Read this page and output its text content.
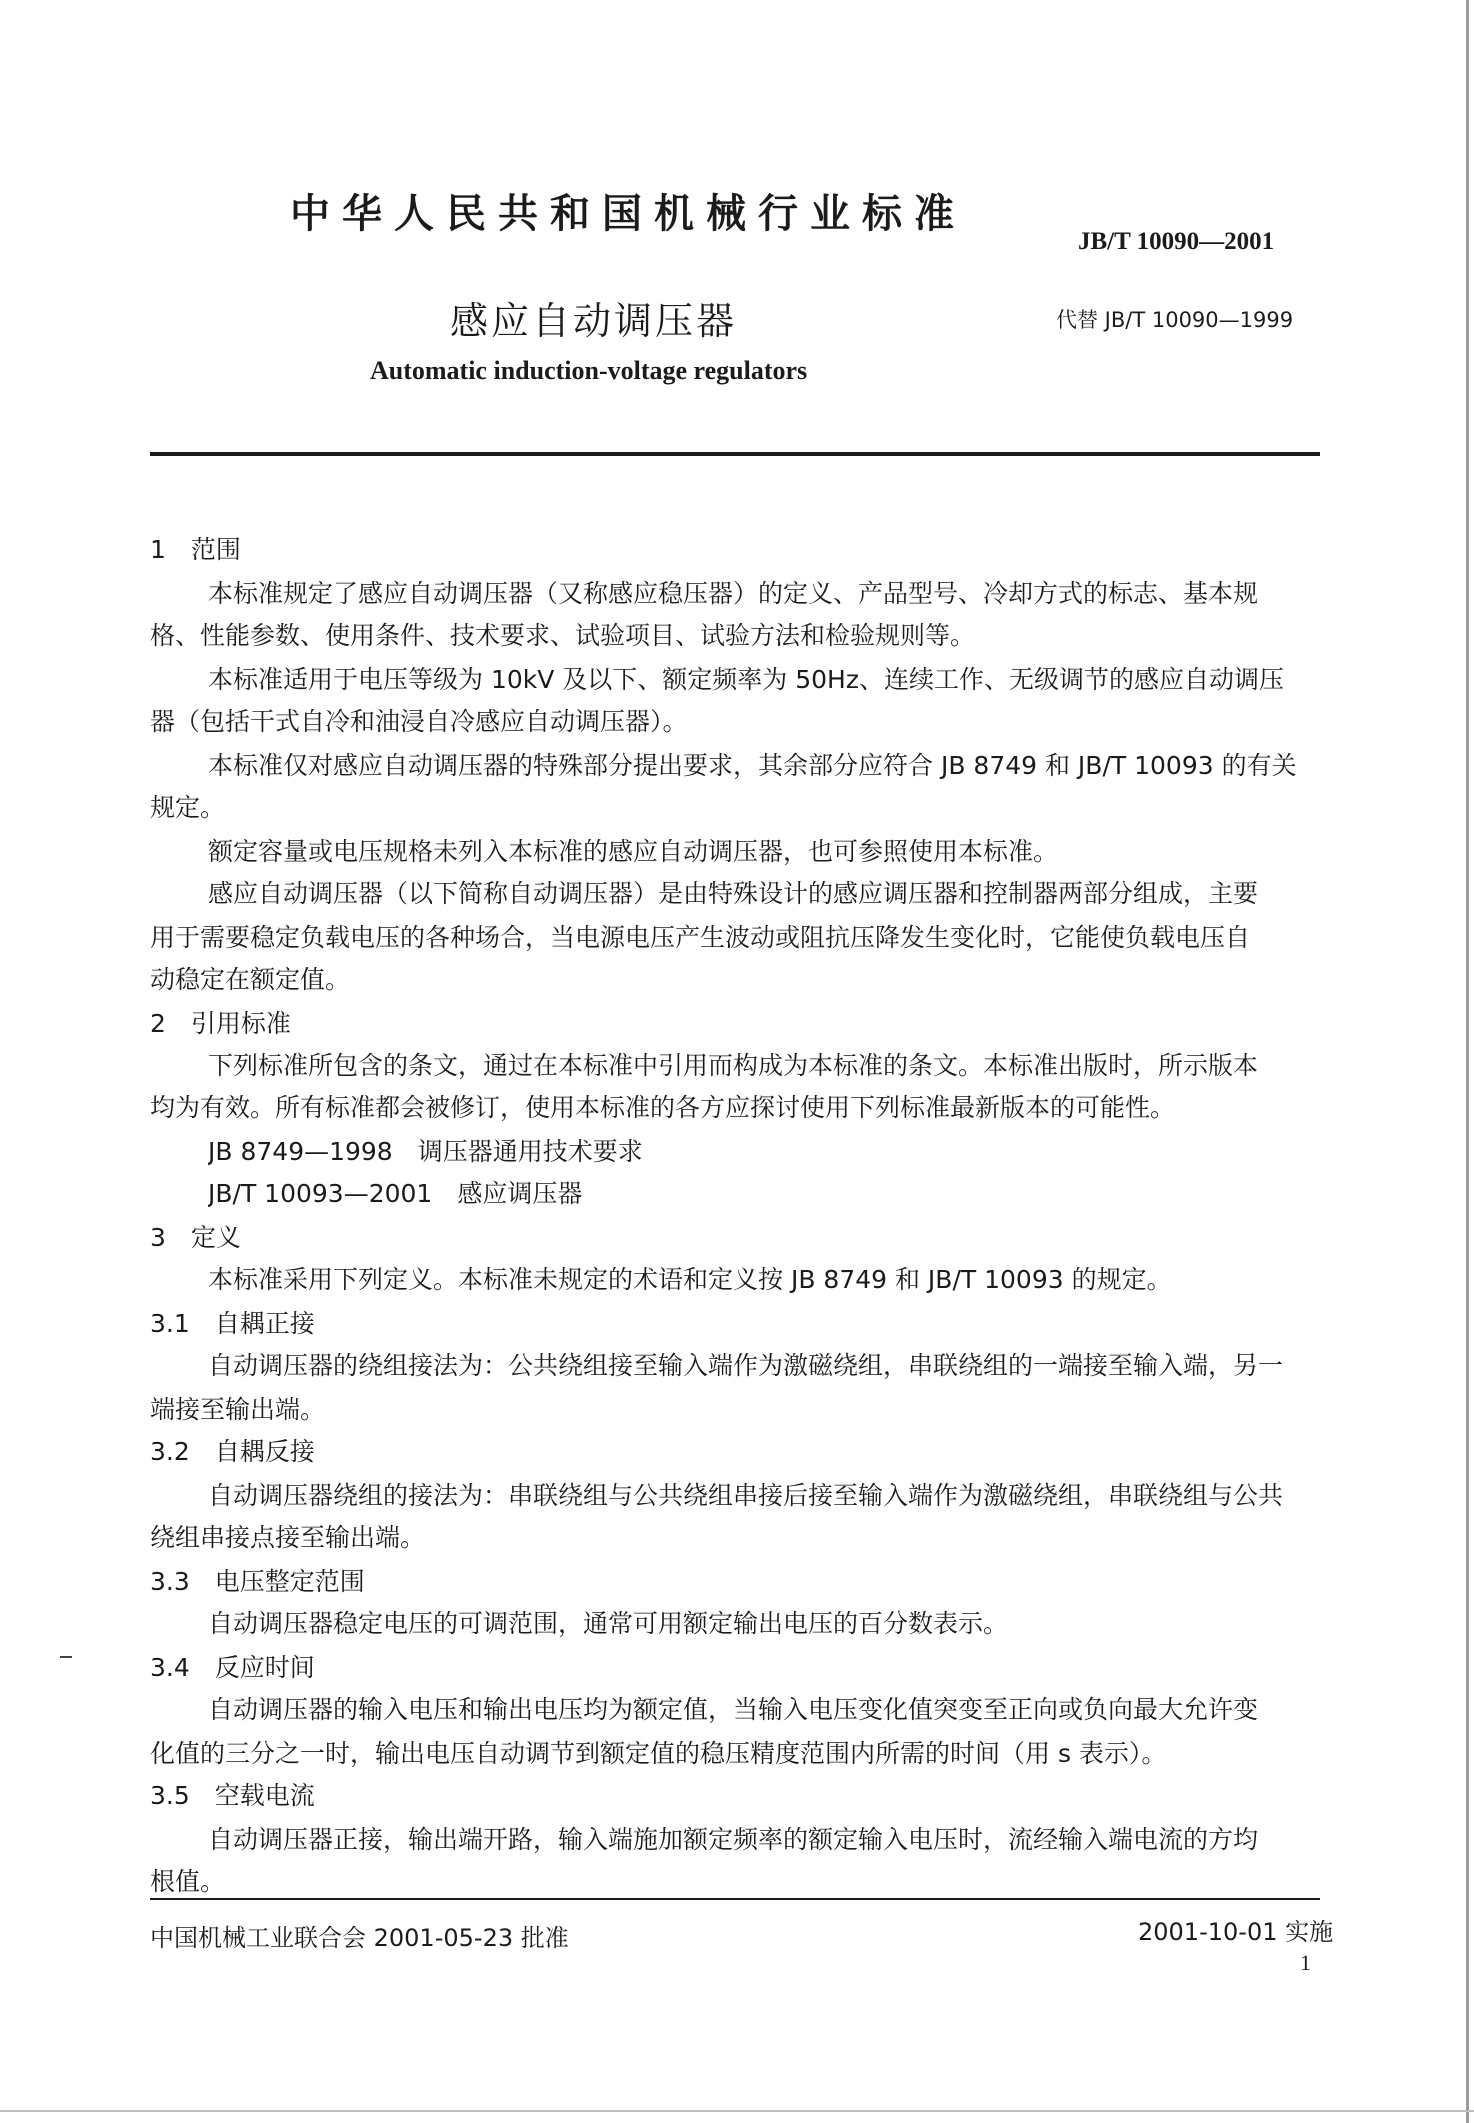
中华人民共和国机械行业标准
JB/T 10090—2001
感应自动调压器	代替 JB/T 10090—1999
Automatic induction-voltage regulators
1　范围
本标准规定了感应自动调压器（又称感应稳压器）的定义、产品型号、冷却方式的标志、基本规
格、性能参数、使用条件、技术要求、试验项目、试验方法和检验规则等。
本标准适用于电压等级为 10kV 及以下、额定频率为 50Hz、连续工作、无级调节的感应自动调压
器（包括干式自冷和油浸自冷感应自动调压器）。
本标准仅对感应自动调压器的特殊部分提出要求，其余部分应符合 JB 8749 和 JB/T 10093 的有关
规定。
额定容量或电压规格未列入本标准的感应自动调压器，也可参照使用本标准。
感应自动调压器（以下简称自动调压器）是由特殊设计的感应调压器和控制器两部分组成，主要
用于需要稳定负载电压的各种场合，当电源电压产生波动或阻抗压降发生变化时，它能使负载电压自
动稳定在额定值。
2　引用标准
下列标准所包含的条文，通过在本标准中引用而构成为本标准的条文。本标准出版时，所示版本
均为有效。所有标准都会被修订，使用本标准的各方应探讨使用下列标准最新版本的可能性。
JB 8749—1998　调压器通用技术要求
JB/T 10093—2001　感应调压器
3　定义
本标准采用下列定义。本标准未规定的术语和定义按 JB 8749 和 JB/T 10093 的规定。
3.1　自耦正接
自动调压器的绕组接法为：公共绕组接至输入端作为激磁绕组，串联绕组的一端接至输入端，另一
端接至输出端。
3.2　自耦反接
自动调压器绕组的接法为：串联绕组与公共绕组串接后接至输入端作为激磁绕组，串联绕组与公共
绕组串接点接至输出端。
3.3　电压整定范围
自动调压器稳定电压的可调范围，通常可用额定输出电压的百分数表示。
3.4　反应时间
自动调压器的输入电压和输出电压均为额定值，当输入电压变化值突变至正向或负向最大允许变
化值的三分之一时，输出电压自动调节到额定值的稳压精度范围内所需的时间（用 s 表示）。
3.5　空载电流
自动调压器正接，输出端开路，输入端施加额定频率的额定输入电压时，流经输入端电流的方均
根值。
中国机械工业联合会 2001-05-23 批准	2001-10-01 实施
1
